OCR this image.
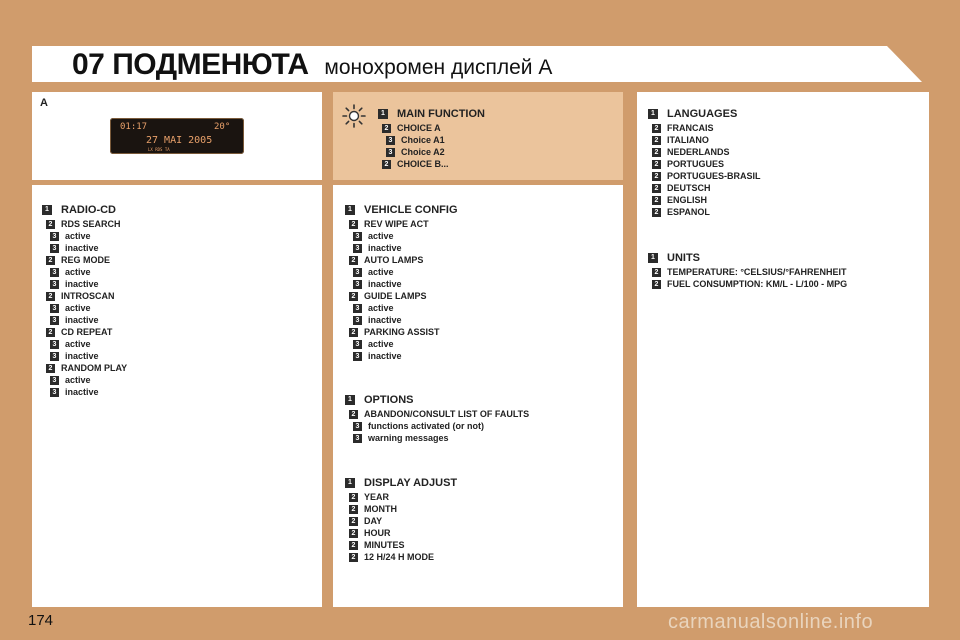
07 ПОДМЕНЮТА монохромен дисплей А
A
01:17	20°
27 MAI 2005
LX RDS TA
1 MAIN FUNCTION
2 CHOICE A
3 Choice A1
3 Choice A2
2 CHOICE B...
1 RADIO-CD
2 RDS SEARCH
3 active
3 inactive
2 REG MODE
3 active
3 inactive
2 INTROSCAN
3 active
3 inactive
2 CD REPEAT
3 active
3 inactive
2 RANDOM PLAY
3 active
3 inactive
1 VEHICLE CONFIG
2 REV WIPE ACT
3 active
3 inactive
2 AUTO LAMPS
3 active
3 inactive
2 GUIDE LAMPS
3 active
3 inactive
2 PARKING ASSIST
3 active
3 inactive
1 OPTIONS
2 ABANDON/CONSULT LIST OF FAULTS
3 functions activated (or not)
3 warning messages
1 DISPLAY ADJUST
2 YEAR
2 MONTH
2 DAY
2 HOUR
2 MINUTES
2 12 H/24 H MODE
1 LANGUAGES
2 FRANCAIS
2 ITALIANO
2 NEDERLANDS
2 PORTUGUES
2 PORTUGUES-BRASIL
2 DEUTSCH
2 ENGLISH
2 ESPANOL
1 UNITS
2 TEMPERATURE: °CELSIUS/°FAHRENHEIT
2 FUEL CONSUMPTION: KM/L - L/100 - MPG
174	carmanualsonline.info
